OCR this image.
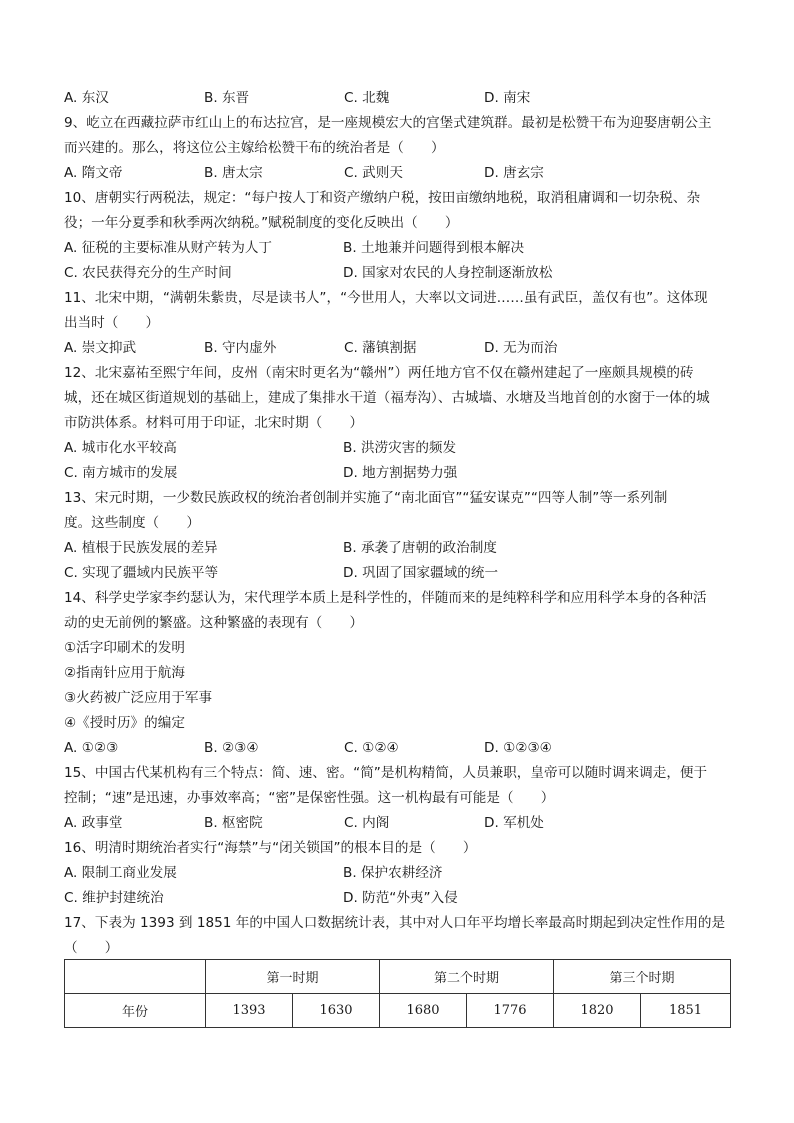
A. 东汉	B. 东晋	C. 北魏	D. 南宋
9、屹立在西藏拉萨市红山上的布达拉宫，是一座规模宏大的宫堡式建筑群。最初是松赞干布为迎娶唐朝公主
而兴建的。那么，将这位公主嫁给松赞干布的统治者是（　　）
A. 隋文帝	B. 唐太宗	C. 武则天	D. 唐玄宗
10、唐朝实行两税法，规定：“每户按人丁和资产缴纳户税，按田亩缴纳地税，取消租庸调和一切杂税、杂
役；一年分夏季和秋季两次纳税。”赋税制度的变化反映出（　　）
A. 征税的主要标准从财产转为人丁	B. 土地兼并问题得到根本解决
C. 农民获得充分的生产时间	D. 国家对农民的人身控制逐渐放松
11、北宋中期，“满朝朱紫贵，尽是读书人”，“今世用人，大率以文词进……虽有武臣，盖仅有也”。这体现
出当时（　　）
A. 崇文抑武	B. 守内虚外	C. 藩镇割据	D. 无为而治
12、北宋嘉祐至熙宁年间，皮州（南宋时更名为“赣州”）两任地方官不仅在赣州建起了一座颇具规模的砖
城，还在城区街道规划的基础上，建成了集排水干道（福寿沟）、古城墙、水塘及当地首创的水窗于一体的城
市防洪体系。材料可用于印证，北宋时期（　　）
A. 城市化水平较高	B. 洪涝灾害的频发
C. 南方城市的发展	D. 地方割据势力强
13、宋元时期，一少数民族政权的统治者创制并实施了“南北面官”“猛安谋克”“四等人制”等一系列制
度。这些制度（　　）
A. 植根于民族发展的差异	B. 承袭了唐朝的政治制度
C. 实现了疆域内民族平等	D. 巩固了国家疆域的统一
14、科学史学家李约瑟认为，宋代理学本质上是科学性的，伴随而来的是纯粹科学和应用科学本身的各种活
动的史无前例的繁盛。这种繁盛的表现有（　　）
①活字印刷术的发明
②指南针应用于航海
③火药被广泛应用于军事
④《授时历》的编定
A. ①②③	B. ②③④	C. ①②④	D. ①②③④
15、中国古代某机构有三个特点：简、速、密。“简”是机构精简，人员兼职，皇帝可以随时调来调走，便于
控制；“速”是迅速，办事效率高；“密”是保密性强。这一机构最有可能是（　　）
A. 政事堂	B. 枢密院	C. 内阁	D. 军机处
16、明清时期统治者实行“海禁”与“闭关锁国”的根本目的是（　　）
A. 限制工商业发展	B. 保护农耕经济
C. 维护封建统治	D. 防范“外夷”入侵
17、下表为 1393 到 1851 年的中国人口数据统计表，其中对人口年平均增长率最高时期起到决定性作用的是
（　　）
	第一时期		第二个时期		第三个时期	
年份	1393	1630	1680	1776	1820	1851
